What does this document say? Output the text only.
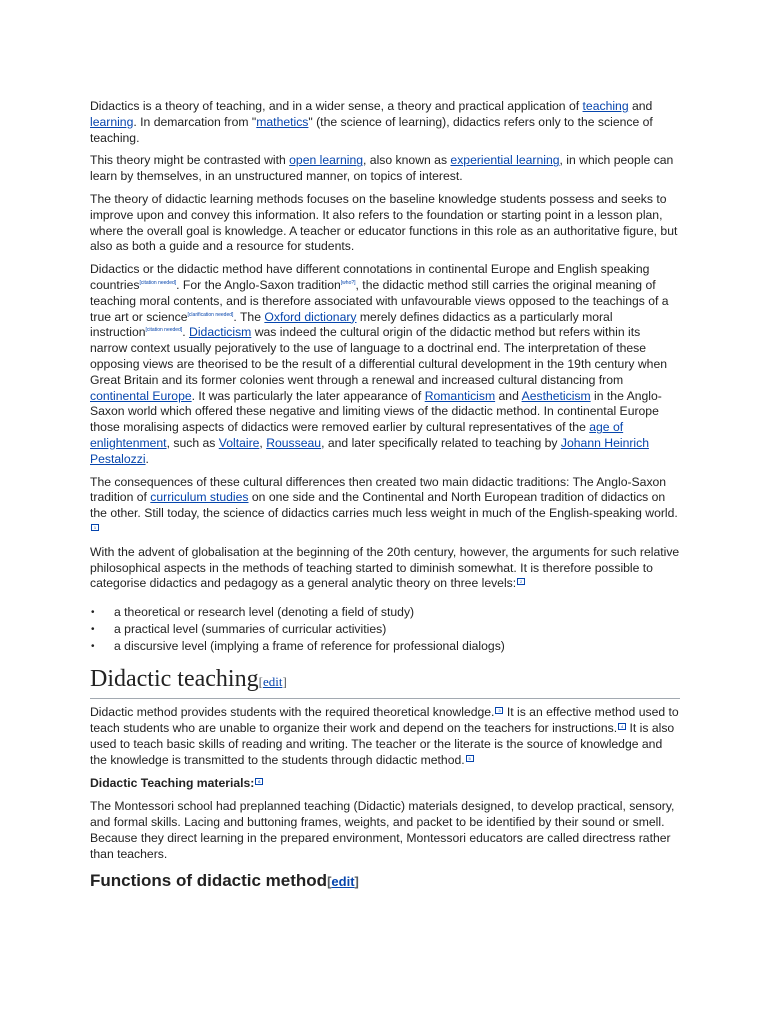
Didactics is a theory of teaching, and in a wider sense, a theory and practical application of teaching and learning. In demarcation from "mathetics" (the science of learning), didactics refers only to the science of teaching.

This theory might be contrasted with open learning, also known as experiential learning, in which people can learn by themselves, in an unstructured manner, on topics of interest.

The theory of didactic learning methods focuses on the baseline knowledge students possess and seeks to improve upon and convey this information. It also refers to the foundation or starting point in a lesson plan, where the overall goal is knowledge. A teacher or educator functions in this role as an authoritative figure, but also as both a guide and a resource for students.

Didactics or the didactic method have different connotations in continental Europe and English speaking countries[citation needed]. For the Anglo-Saxon tradition[who?], the didactic method still carries the original meaning of teaching moral contents, and is therefore associated with unfavourable views opposed to the teachings of a true art or science[clarification needed]. The Oxford dictionary merely defines didactics as a particularly moral instruction[citation needed]. Didacticism was indeed the cultural origin of the didactic method but refers within its narrow context usually pejoratively to the use of language to a doctrinal end. The interpretation of these opposing views are theorised to be the result of a differential cultural development in the 19th century when Great Britain and its former colonies went through a renewal and increased cultural distancing from continental Europe. It was particularly the later appearance of Romanticism and Aestheticism in the Anglo-Saxon world which offered these negative and limiting views of the didactic method. In continental Europe those moralising aspects of didactics were removed earlier by cultural representatives of the age of enlightenment, such as Voltaire, Rousseau, and later specifically related to teaching by Johann Heinrich Pestalozzi.

The consequences of these cultural differences then created two main didactic traditions: The Anglo-Saxon tradition of curriculum studies on one side and the Continental and North European tradition of didactics on the other. Still today, the science of didactics carries much less weight in much of the English-speaking world.$^1$

With the advent of globalisation at the beginning of the 20th century, however, the arguments for such relative philosophical aspects in the methods of teaching started to diminish somewhat. It is therefore possible to categorise didactics and pedagogy as a general analytic theory on three levels: $^2$

• a theoretical or research level (denoting a field of study)
• a practical level (summaries of curricular activities)
• a discursive level (implying a frame of reference for professional dialogs)
Didactic teaching[edit]

Didactic method provides students with the required theoretical knowledge. $^3$ It is an effective method used to teach students who are unable to organize their work and depend on the teachers for instructions. $^4$ It is also used to teach basic skills of reading and writing. The teacher or the literate is the source of knowledge and the knowledge is transmitted to the students through didactic method. $^5$

Didactic Teaching materials: $^6$

The Montessori school had preplanned teaching (Didactic) materials designed, to develop practical, sensory, and formal skills. Lacing and buttoning frames, weights, and packet to be identified by their sound or smell. Because they direct learning in the prepared environment, Montessori educators are called directress rather than teachers.

Functions of didactic method[edit]
